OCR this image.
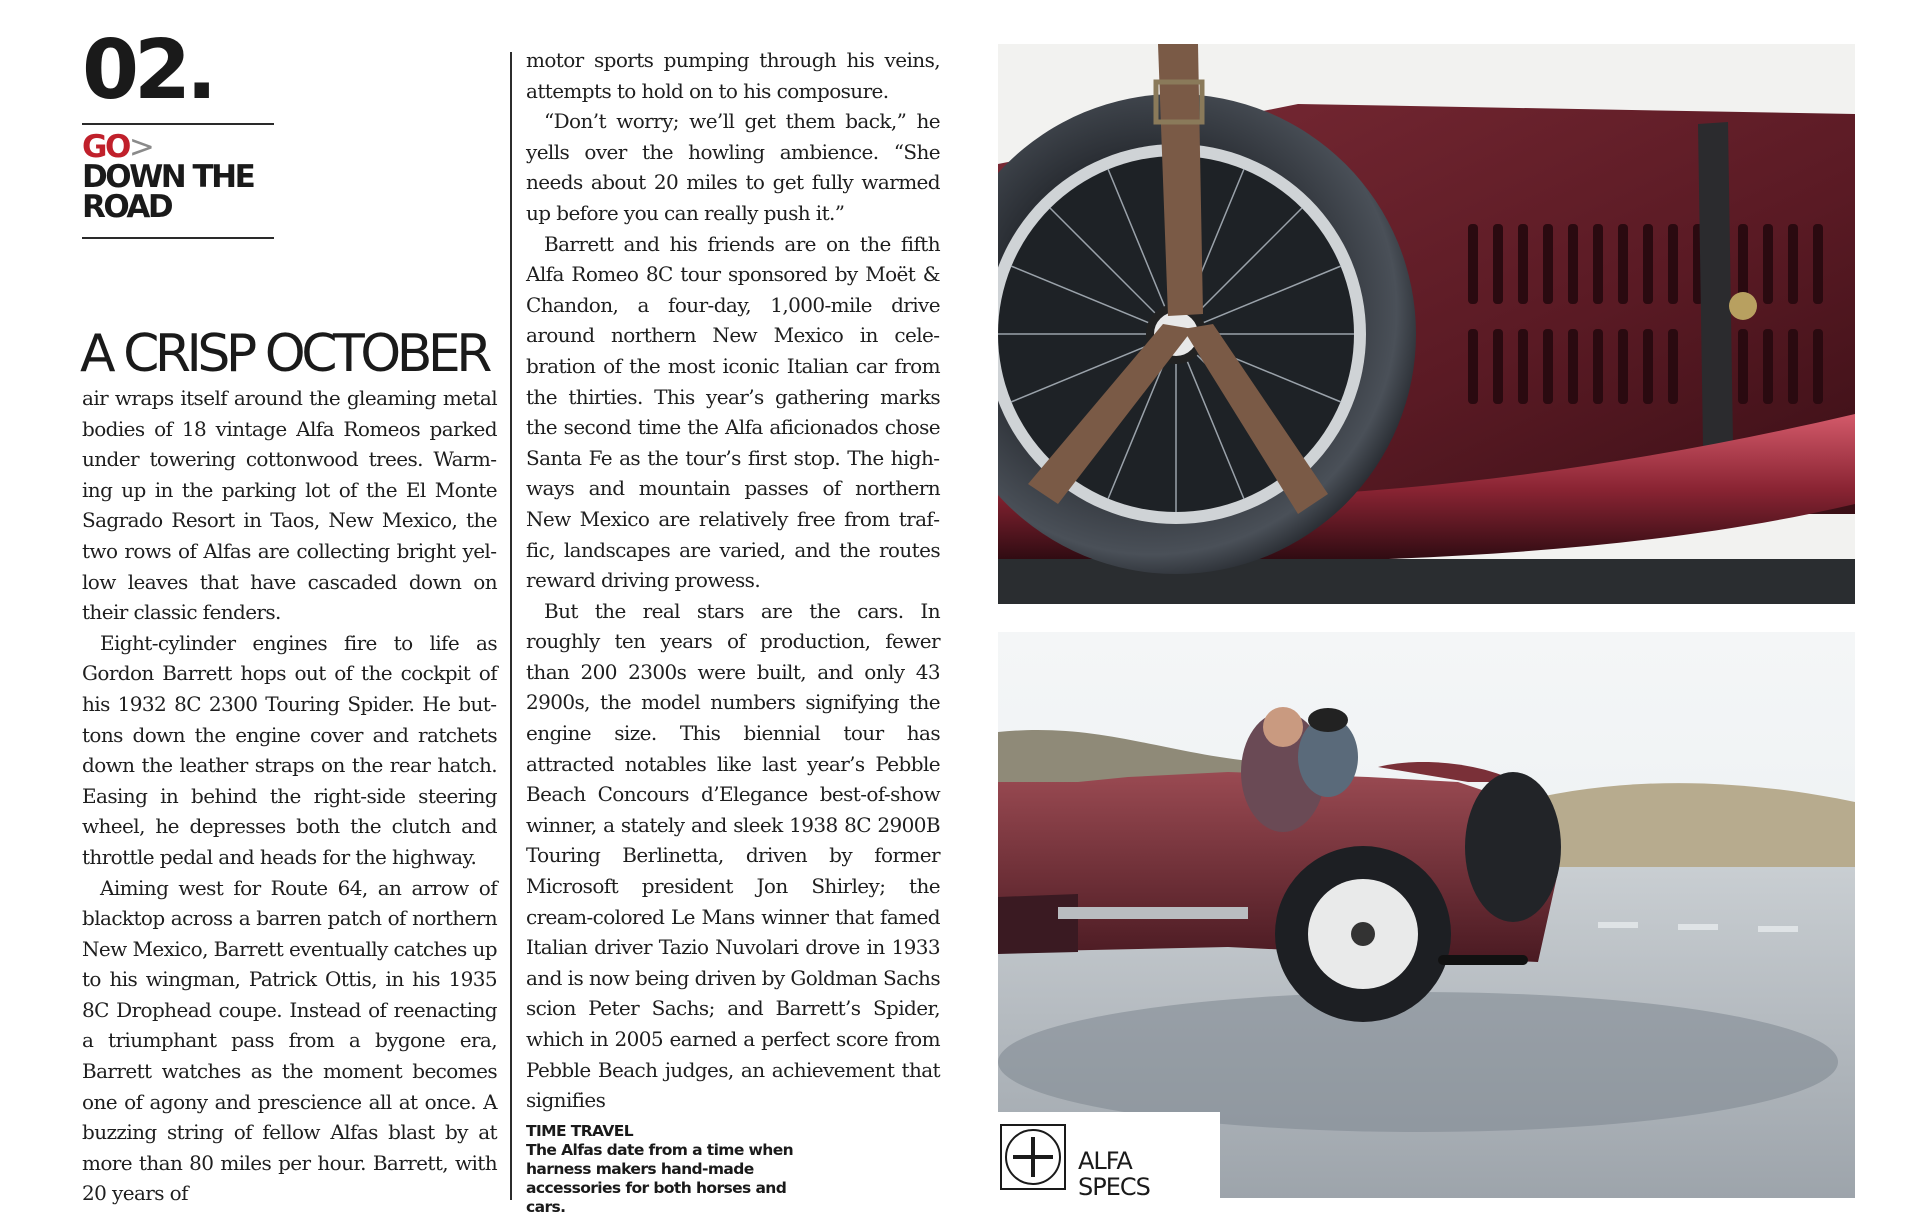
02.
GO>
DOWN THE ROAD
A CRISP OCTOBER

air wraps itself around the gleaming metal bodies of 18 vintage Alfa Romeos parked under towering cottonwood trees. Warming up in the parking lot of the El Monte Sagrado Resort in Taos, New Mexico, the two rows of Alfas are collecting bright yellow leaves that have cascaded down on their classic fenders.

Eight-cylinder engines fire to life as Gordon Barrett hops out of the cockpit of his 1932 8C 2300 Touring Spider. He buttons down the engine cover and ratchets down the leather straps on the rear hatch. Easing in behind the right-side steering wheel, he depresses both the clutch and throttle pedal and heads for the highway.

Aiming west for Route 64, an arrow of blacktop across a barren patch of northern New Mexico, Barrett eventually catches up to his wingman, Patrick Ottis, in his 1935 8C Drophead coupe. Instead of reenacting a triumphant pass from a bygone era, Barrett watches as the moment becomes one of agony and prescience all at once. A buzzing string of fellow Alfas blast by at more than 80 miles per hour. Barrett, with 20 years of

motor sports pumping through his veins, attempts to hold on to his composure.

“Don’t worry; we’ll get them back,” he yells over the howling ambience. “She needs about 20 miles to get fully warmed up before you can really push it.”

Barrett and his friends are on the fifth Alfa Romeo 8C tour sponsored by Moët & Chandon, a four-day, 1,000-mile drive around northern New Mexico in celebration of the most iconic Italian car from the thirties. This year’s gathering marks the second time the Alfa aficionados chose Santa Fe as the tour’s first stop. The highways and mountain passes of northern New Mexico are relatively free from traffic, landscapes are varied, and the routes reward driving prowess.

But the real stars are the cars. In roughly ten years of production, fewer than 200 2300s were built, and only 43 2900s, the model numbers signifying the engine size. This biennial tour has attracted notables like last year’s Pebble Beach Concours d’Elegance best-of-show winner, a stately and sleek 1938 8C 2900B Touring Berlinetta, driven by former Microsoft president Jon Shirley; the cream-colored Le Mans winner that famed Italian driver Tazio Nuvolari drove in 1933 and is now being driven by Goldman Sachs scion Peter Sachs; and Barrett’s Spider, which in 2005 earned a perfect score from Pebble Beach judges, an achievement that signifies

TIME TRAVEL
The Alfas date from a time when harness makers hand-made accessories for both horses and cars.
ALFA
SPECS
